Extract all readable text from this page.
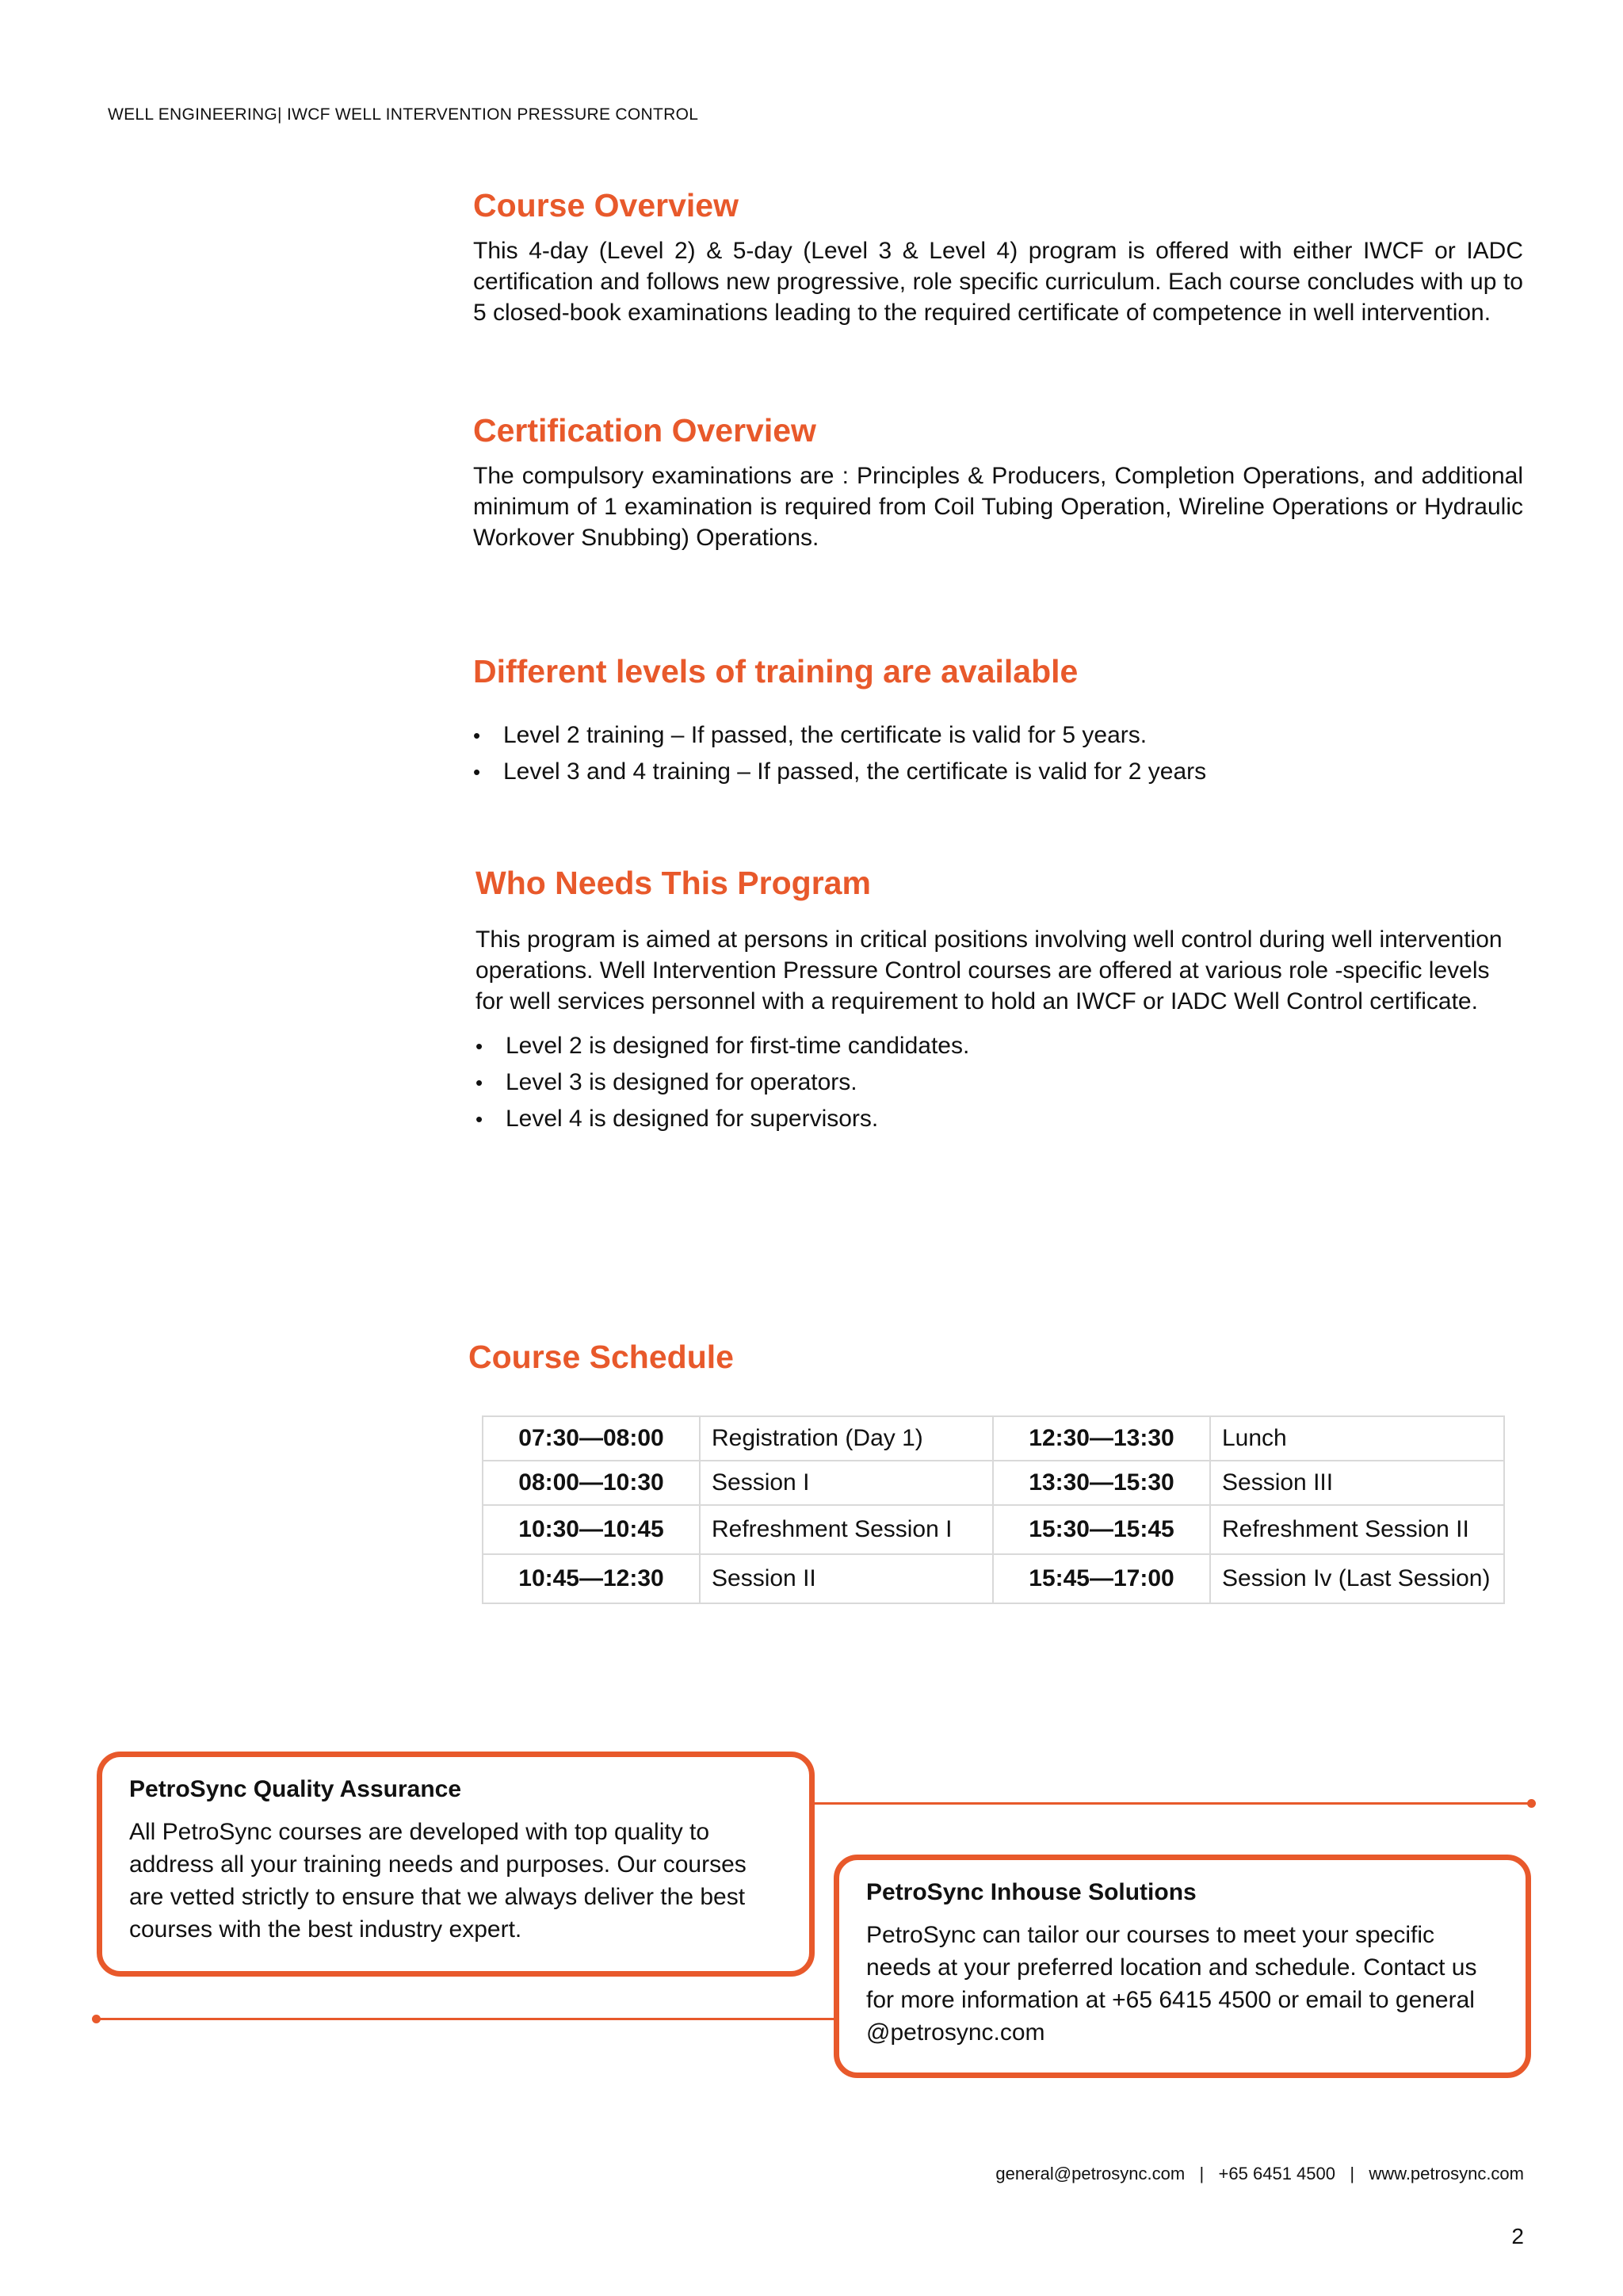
WELL ENGINEERING| IWCF WELL INTERVENTION PRESSURE CONTROL
Course Overview

This 4-day (Level 2) & 5-day (Level 3 & Level 4) program is offered with either IWCF or IADC certification and follows new progressive, role specific curriculum. Each course concludes with up to 5 closed-book examinations leading to the required certificate of competence in well intervention.

Certification Overview

The compulsory examinations are : Principles & Producers, Completion Operations, and additional minimum of 1 examination is required from Coil Tubing Operation, Wireline Operations or Hydraulic Workover Snubbing) Operations.

Different levels of training are available
• Level 2 training – If passed, the certificate is valid for 5 years.
• Level 3 and 4 training – If passed, the certificate is valid for 2 years
Who Needs This Program

This program is aimed at persons in critical positions involving well control during well intervention operations. Well Intervention Pressure Control courses are offered at various role -specific levels for well services personnel with a requirement to hold an IWCF or IADC Well Control certificate.

• Level 2 is designed for first-time candidates.
• Level 3 is designed for operators.
• Level 4 is designed for supervisors.
Course Schedule
07:30—08:00	Registration (Day 1)	12:30—13:30	Lunch
08:00—10:30	Session I	13:30—15:30	Session III
10:30—10:45	Refreshment Session I	15:30—15:45	Refreshment Session II
10:45—12:30	Session II	15:45—17:00	Session Iv (Last Session)
PetroSync Quality Assurance

All PetroSync courses are developed with top quality to address all your training needs and purposes. Our courses are vetted strictly to ensure that we always deliver the best courses with the best industry expert.

PetroSync Inhouse Solutions

PetroSync can tailor our courses to meet your specific needs at your preferred location and schedule. Contact us for more information at +65 6415 4500 or email to general @petrosync.com

general@petrosync.com   |   +65 6451 4500   |   www.petrosync.com
2
